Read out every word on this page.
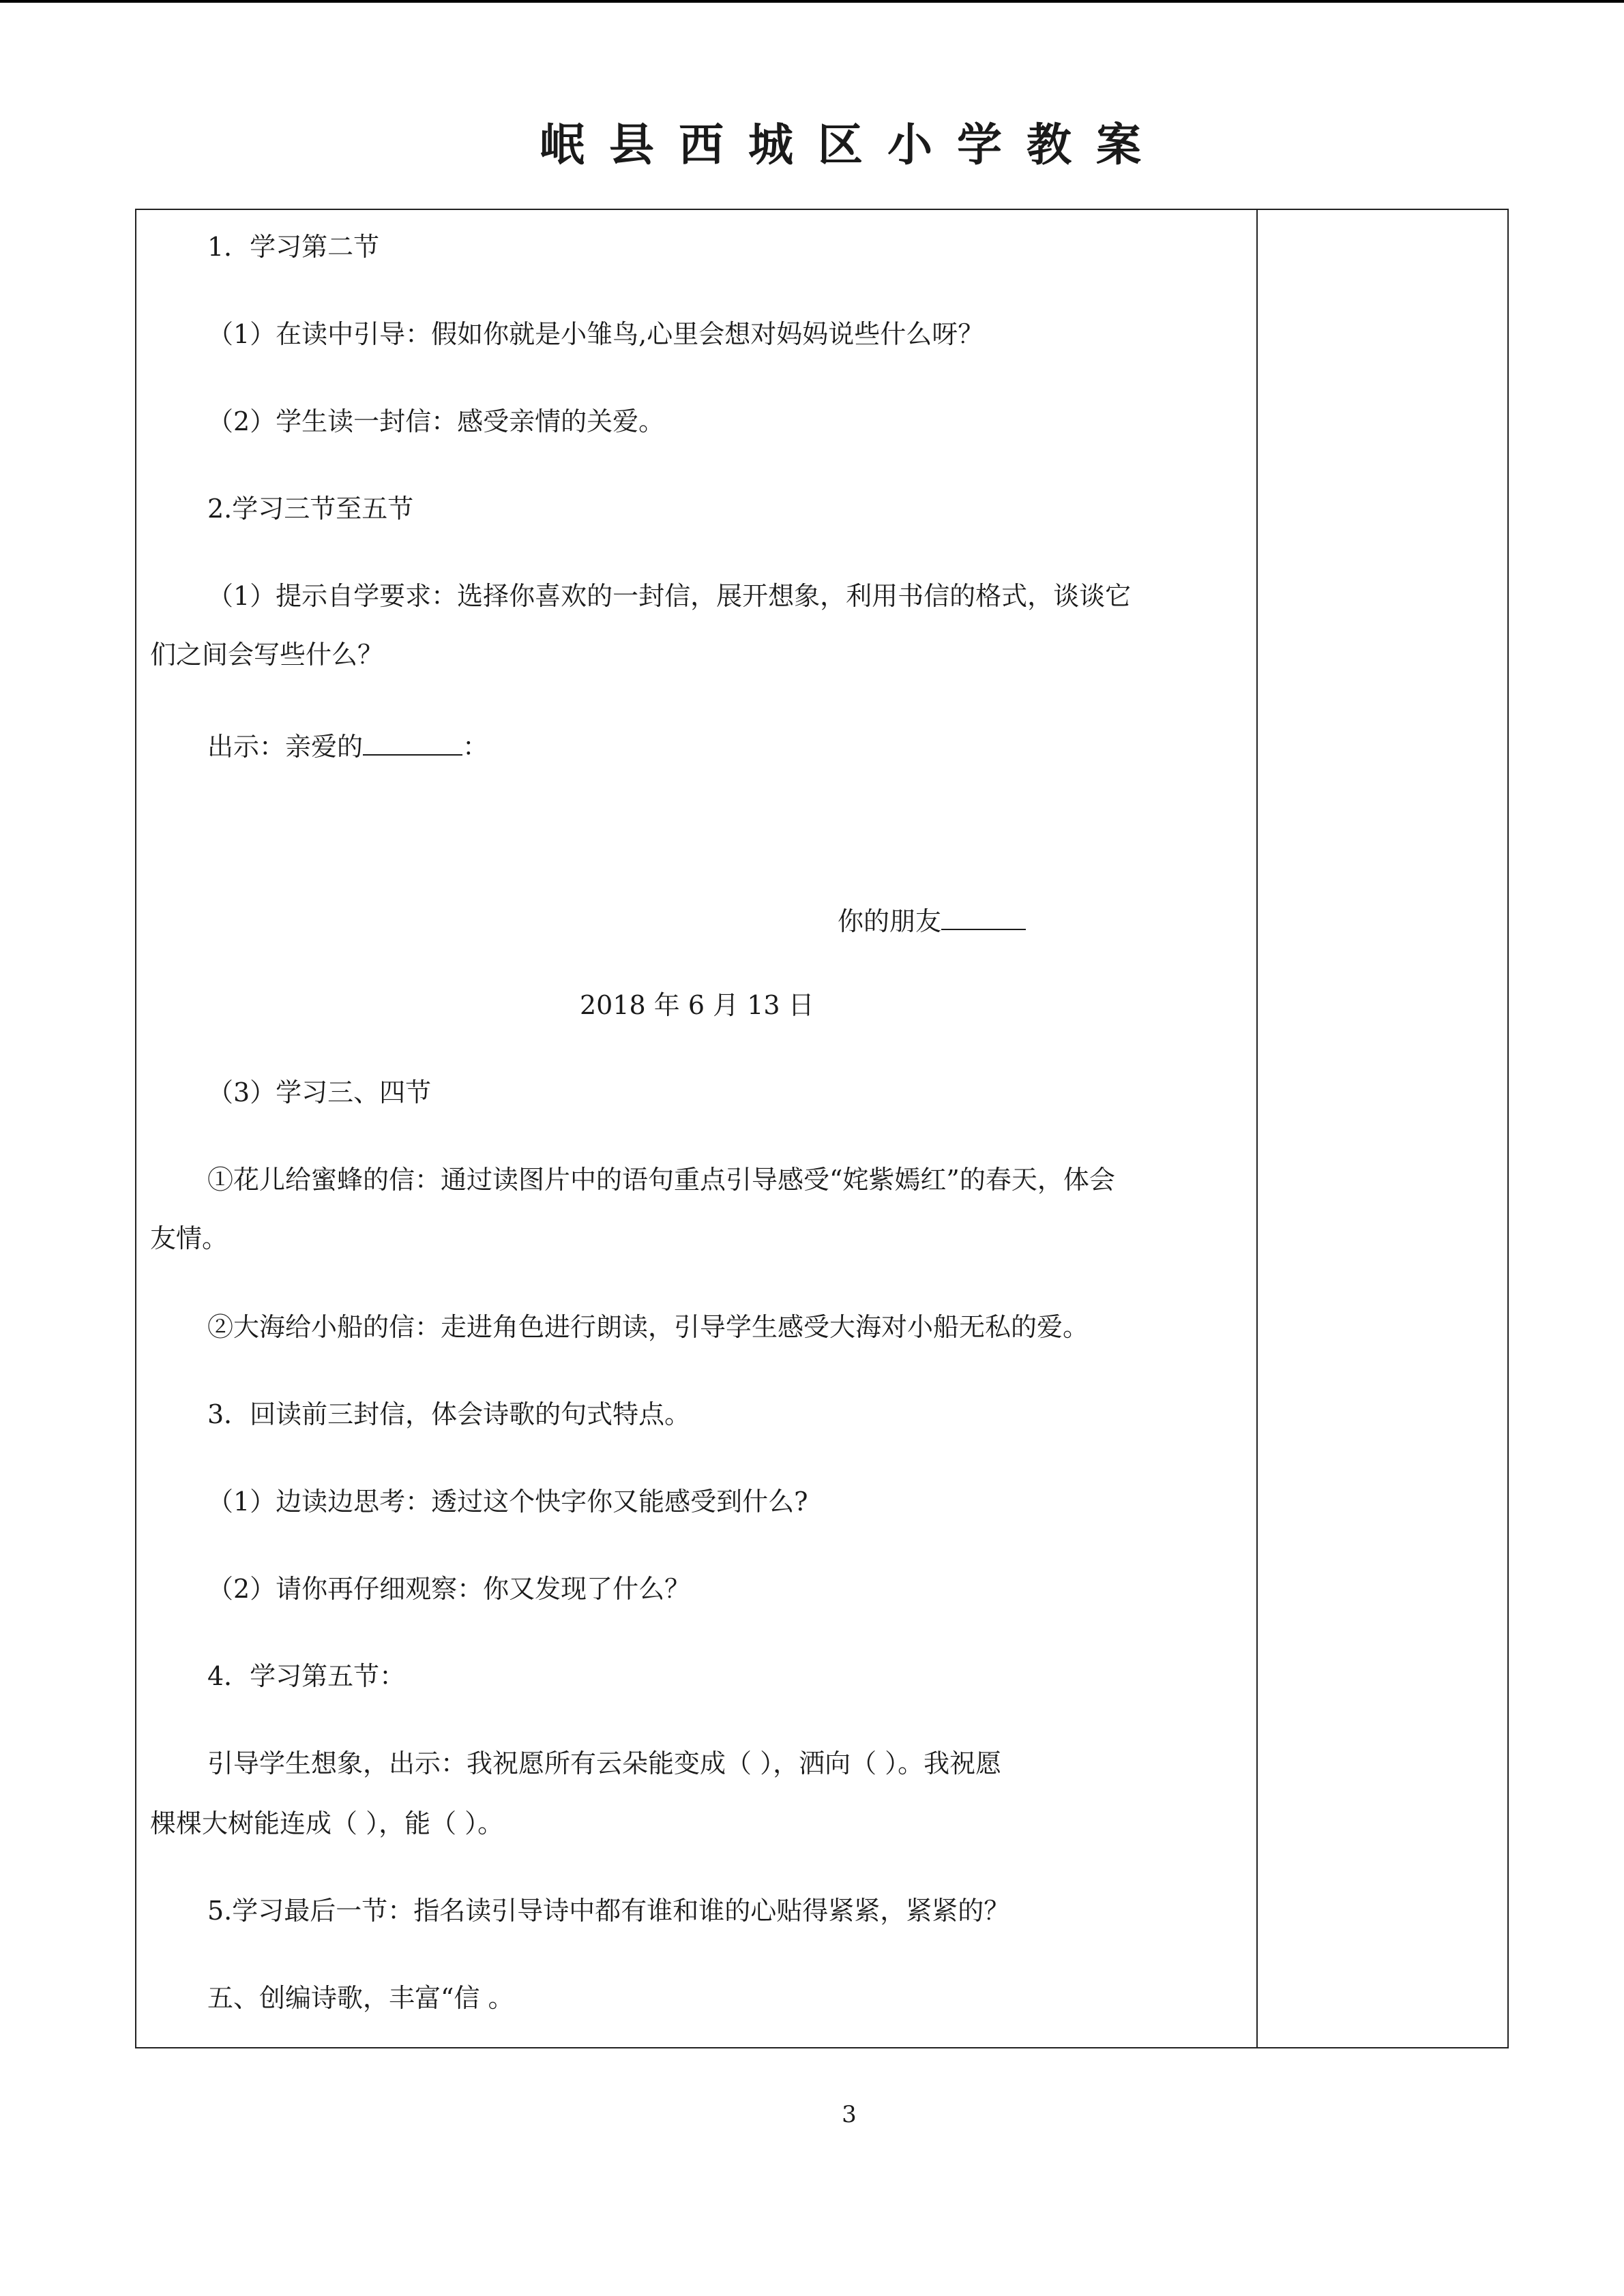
岷县西城区小学教案

1．学习第二节

（1）在读中引导：假如你就是小雏鸟,心里会想对妈妈说些什么呀？

（2）学生读一封信：感受亲情的关爱。

2.学习三节至五节

（1）提示自学要求：选择你喜欢的一封信，展开想象，利用书信的格式，谈谈它

们之间会写些什么？

出示：亲爱的	：

你的朋友

2018 年 6 月 13 日

（3）学习三、四节

①花儿给蜜蜂的信：通过读图片中的语句重点引导感受“姹紫嫣红”的春天，体会

友情。

②大海给小船的信：走进角色进行朗读，引导学生感受大海对小船无私的爱。

3．回读前三封信，体会诗歌的句式特点。

（1）边读边思考：透过这个快字你又能感受到什么?

（2）请你再仔细观察：你又发现了什么？

4．学习第五节：

引导学生想象，出示：我祝愿所有云朵能变成（ ），洒向（ ）。我祝愿

棵棵大树能连成（ ），能（ ）。

5.学习最后一节：指名读引导诗中都有谁和谁的心贴得紧紧，紧紧的？

五、创编诗歌，丰富“信 。

3
